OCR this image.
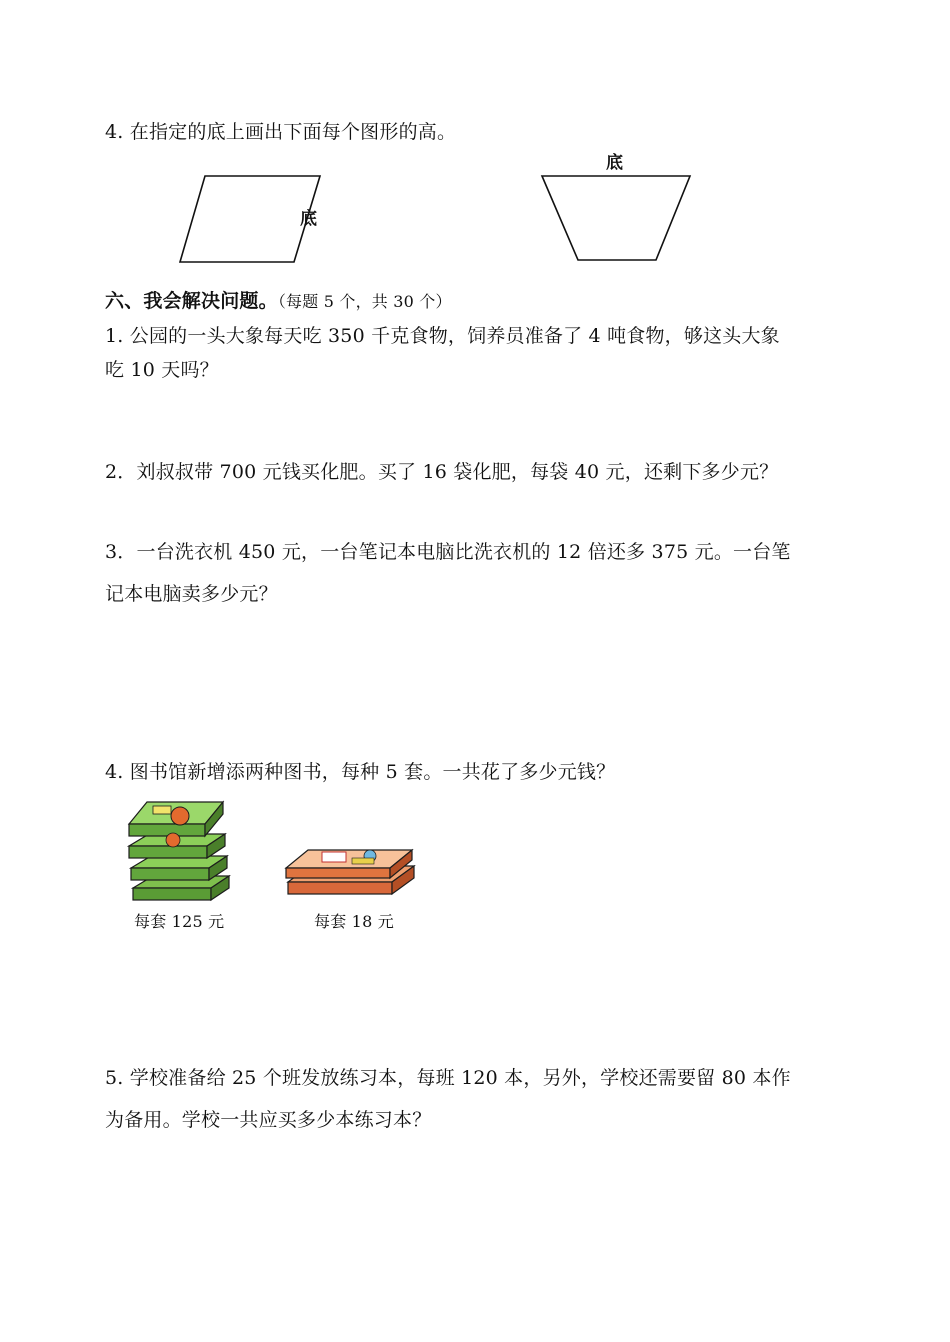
4. 在指定的底上画出下面每个图形的高。
底
底
六、我会解决问题。（每题 5 个，共 30 个）
1. 公园的一头大象每天吃 350 千克食物，饲养员准备了 4 吨食物，够这头大象
吃 10 天吗？
2．刘叔叔带 700 元钱买化肥。买了 16 袋化肥，每袋 40 元，还剩下多少元？
3．一台洗衣机 450 元，一台笔记本电脑比洗衣机的 12 倍还多 375 元。一台笔
记本电脑卖多少元？
4. 图书馆新增添两种图书，每种 5 套。一共花了多少元钱？
每套 125 元	每套 18 元
5. 学校准备给 25 个班发放练习本，每班 120 本，另外，学校还需要留 80 本作
为备用。学校一共应买多少本练习本？
